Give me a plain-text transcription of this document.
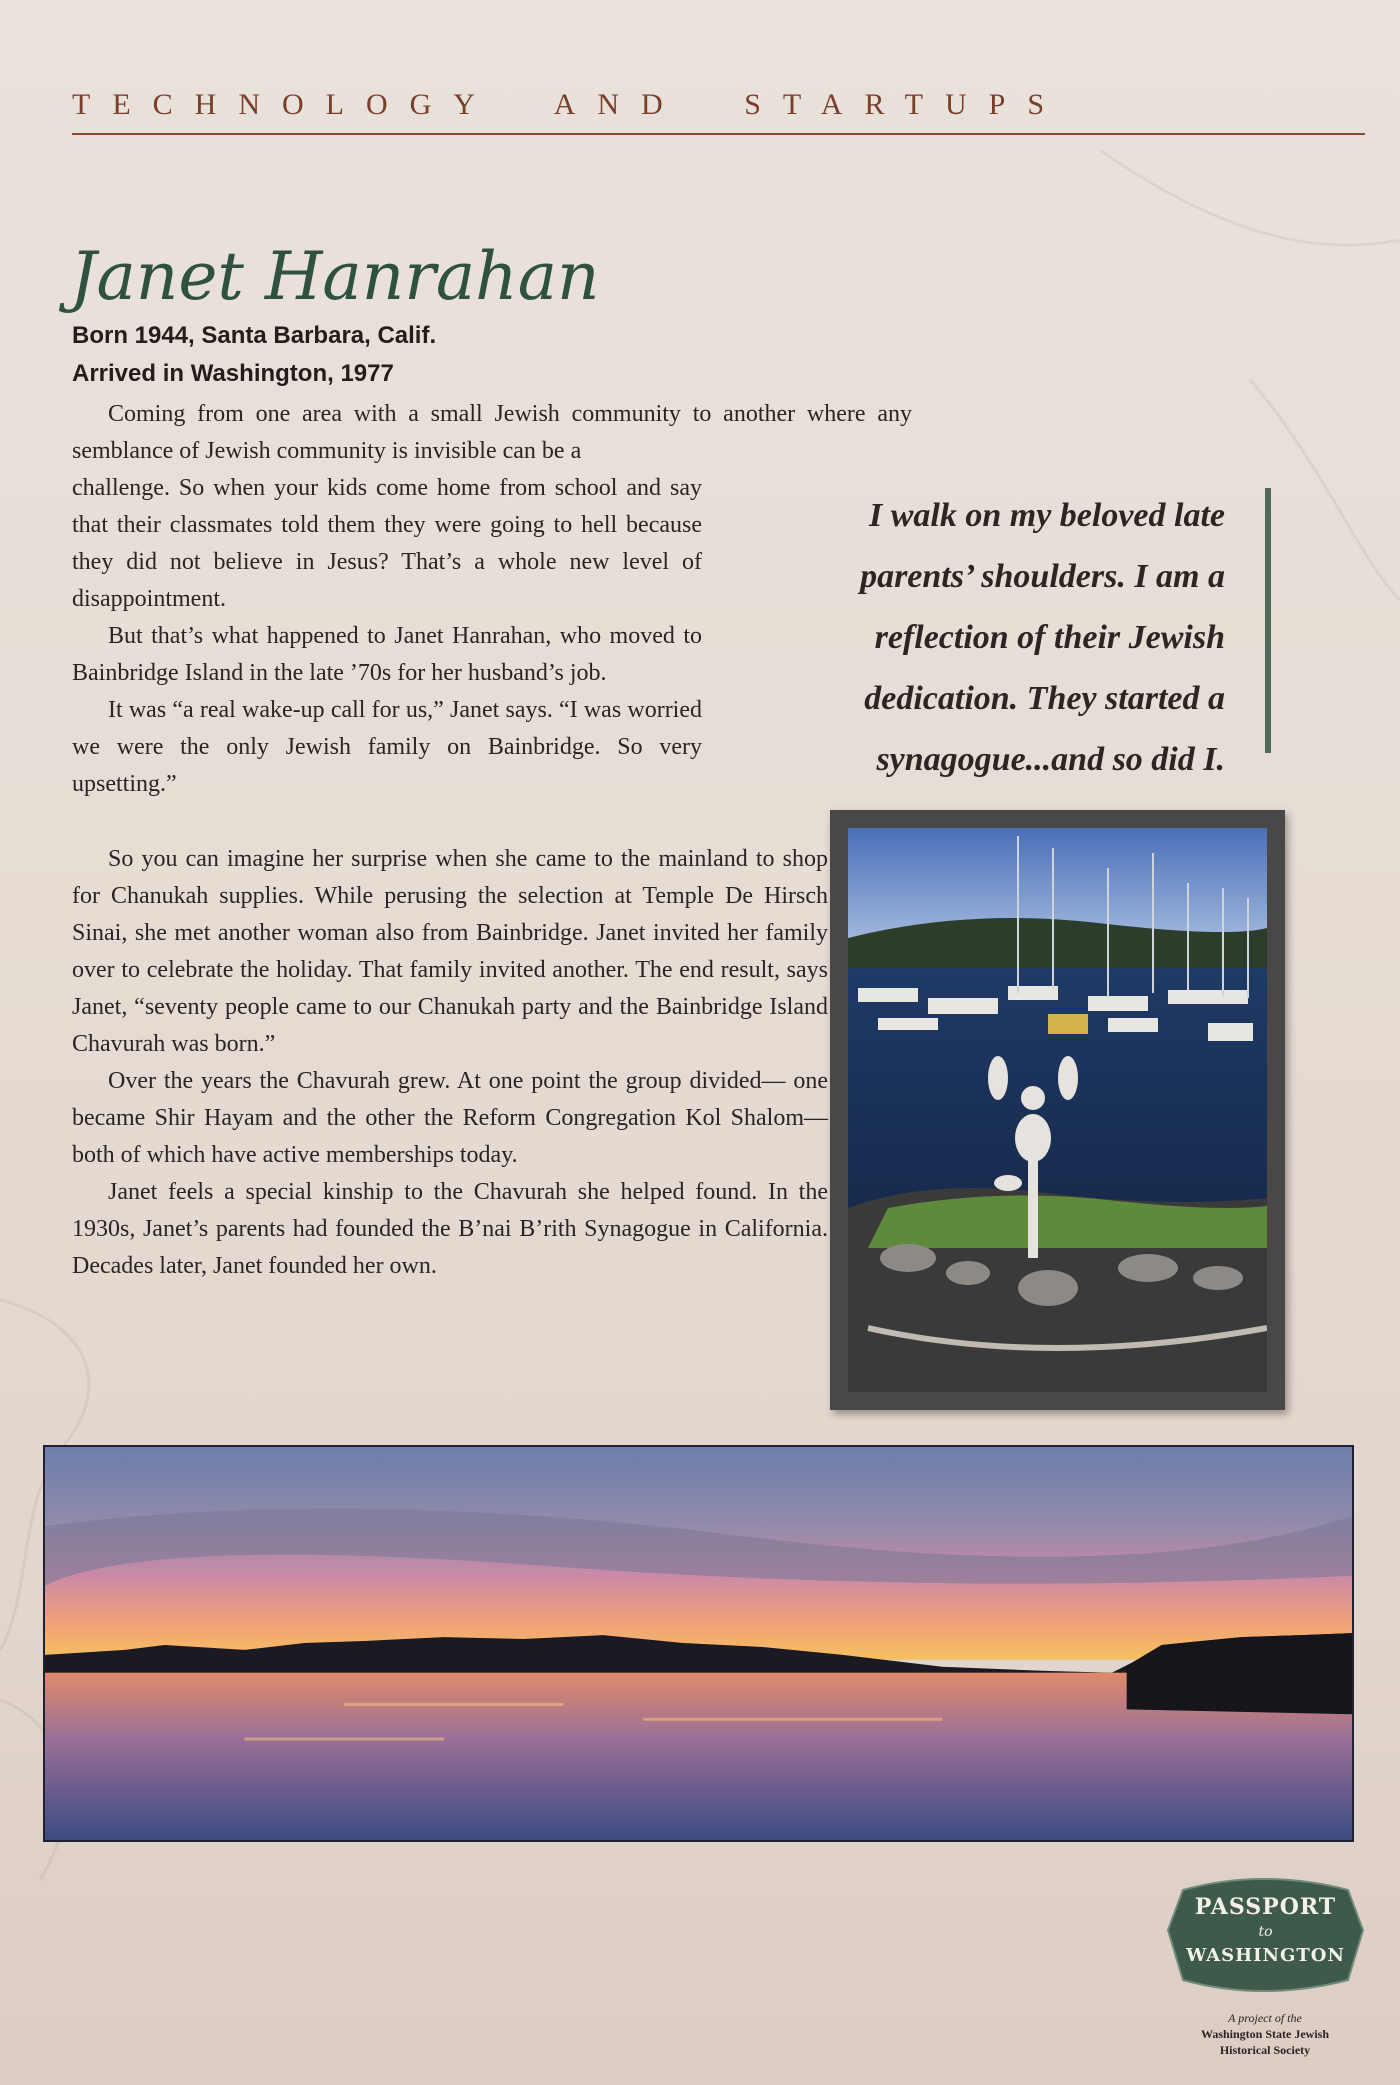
TECHNOLOGY AND STARTUPS
Janet Hanrahan
Born 1944, Santa Barbara, Calif.
Arrived in Washington, 1977

Coming from one area with a small Jewish community to another where any semblance of Jewish community is invisible can be a

challenge. So when your kids come home from school and say that their classmates told them they were going to hell because they did not believe in Jesus? That’s a whole new level of disappointment.

But that’s what happened to Janet Hanrahan, who moved to Bainbridge Island in the late ’70s for her husband’s job.

It was “a real wake-up call for us,” Janet says. “I was worried we were the only Jewish family on Bainbridge. So very upsetting.”

So you can imagine her surprise when she came to the mainland to shop for Chanukah supplies. While perusing the selection at Temple De Hirsch Sinai, she met another woman also from Bainbridge. Janet invited her family over to celebrate the holiday. That family invited another. The end result, says Janet, “seventy people came to our Chanukah party and the Bainbridge Island Chavurah was born.”

Over the years the Chavurah grew. At one point the group divided— one became Shir Hayam and the other the Reform Congregation Kol Shalom—both of which have active memberships today.

Janet feels a special kinship to the Chavurah she helped found. In the 1930s, Janet’s parents had founded the B’nai B’rith Synagogue in California. Decades later, Janet founded her own.

I walk on my beloved late parents’ shoulders. I am a reflection of their Jewish dedication. They started a synagogue...and so did I.
PASSPORT
to
WASHINGTON
A project of the
Washington State Jewish
Historical Society
